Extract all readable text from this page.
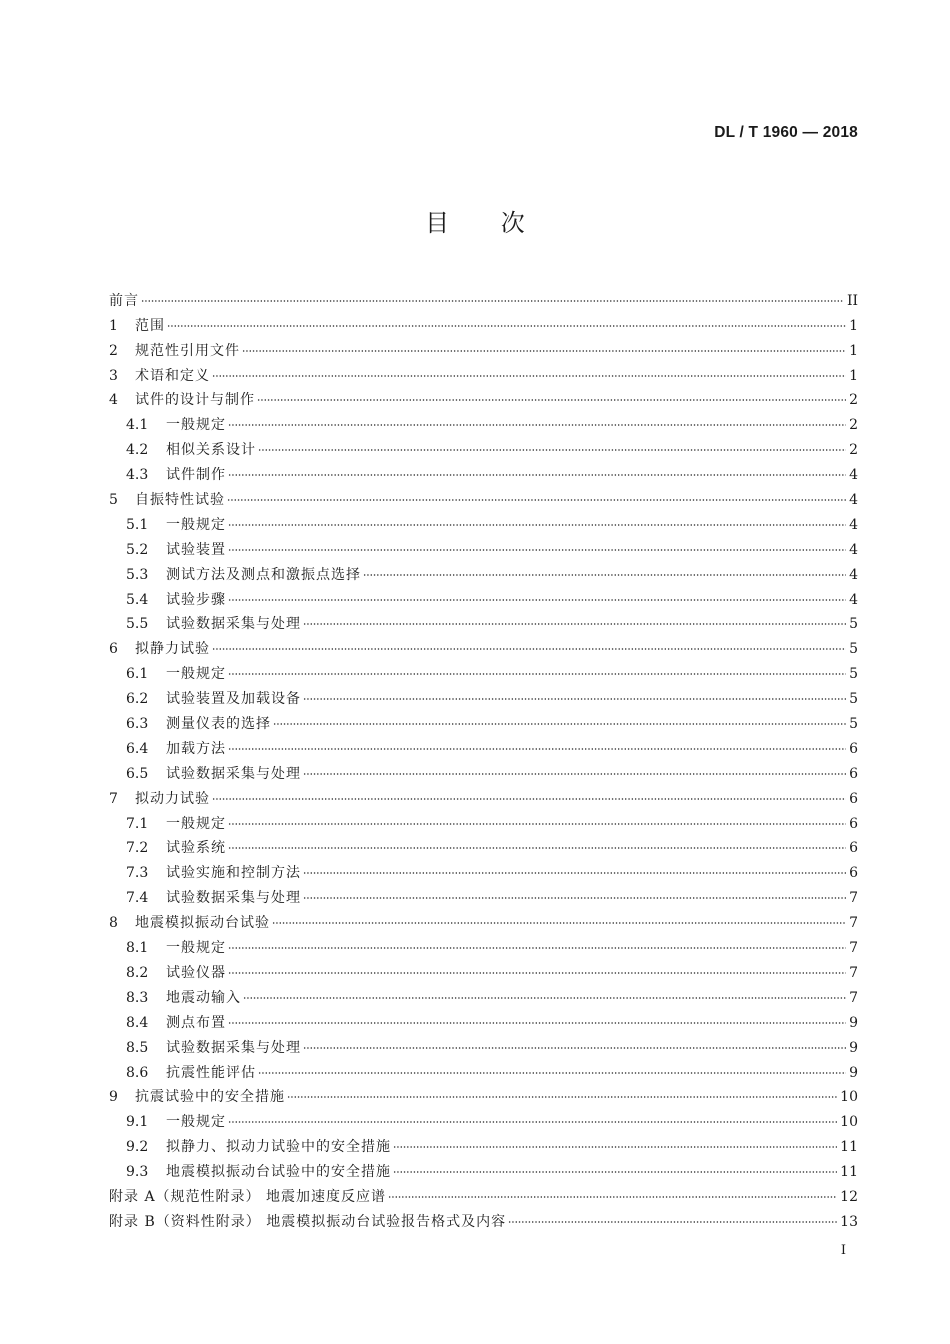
DL / T 1960 — 2018
目 次
前言	II
1	范围	1
2	规范性引用文件	1
3	术语和定义	1
4	试件的设计与制作	2
4.1	一般规定	2
4.2	相似关系设计	2
4.3	试件制作	4
5	自振特性试验	4
5.1	一般规定	4
5.2	试验装置	4
5.3	测试方法及测点和激振点选择	4
5.4	试验步骤	4
5.5	试验数据采集与处理	5
6	拟静力试验	5
6.1	一般规定	5
6.2	试验装置及加载设备	5
6.3	测量仪表的选择	5
6.4	加载方法	6
6.5	试验数据采集与处理	6
7	拟动力试验	6
7.1	一般规定	6
7.2	试验系统	6
7.3	试验实施和控制方法	6
7.4	试验数据采集与处理	7
8	地震模拟振动台试验	7
8.1	一般规定	7
8.2	试验仪器	7
8.3	地震动输入	7
8.4	测点布置	9
8.5	试验数据采集与处理	9
8.6	抗震性能评估	9
9	抗震试验中的安全措施	10
9.1	一般规定	10
9.2	拟静力、拟动力试验中的安全措施	11
9.3	地震模拟振动台试验中的安全措施	11
附录 A（规范性附录） 地震加速度反应谱	12
附录 B（资料性附录） 地震模拟振动台试验报告格式及内容	13
I
